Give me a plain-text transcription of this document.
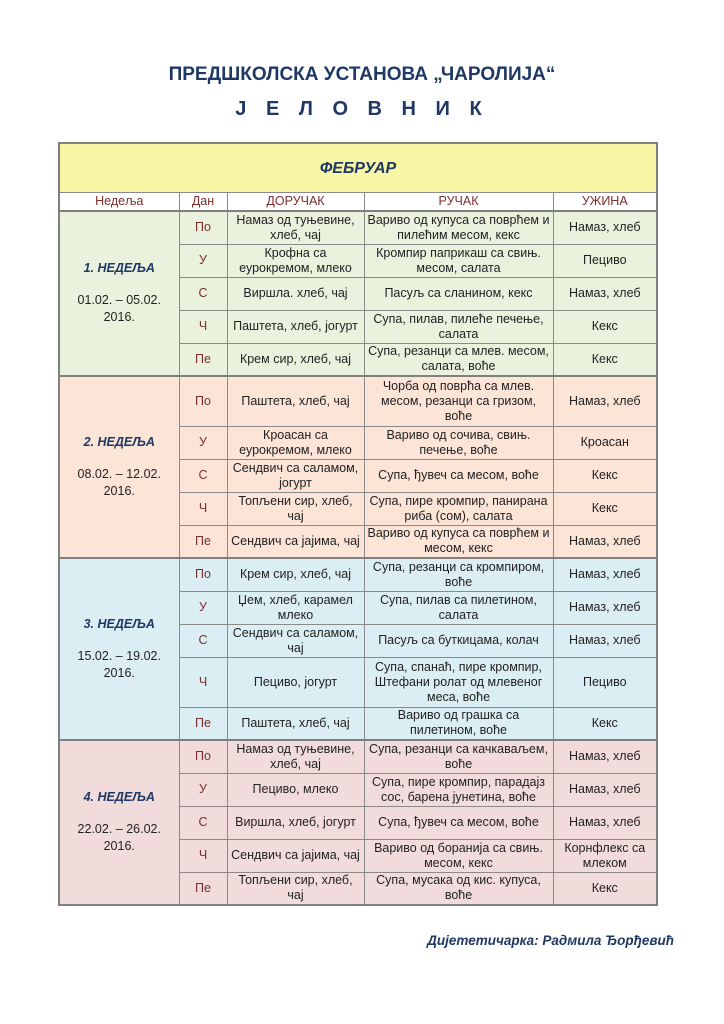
ПРЕДШКОЛСКА УСТАНОВА „ЧАРОЛИЈА“
Ј Е Л О В Н И К
ФЕБРУАР				
Недеља	Дан	ДОРУЧАК	РУЧАК	УЖИНА

1. НЕДЕЉА
01.02. – 05.02.
2016.	По	Намаз од туњевине, хлеб, чај	Вариво од купуса са поврћем и пилећим месом, кекс	Намаз, хлеб
	У	Крофна са еурокремом, млеко	Кромпир паприкаш са свињ. месом, салата	Пециво
	С	Виршла. хлеб, чај	Пасуљ са сланином, кекс	Намаз, хлеб
	Ч	Паштета, хлеб, јогурт	Супа, пилав, пилеће печење, салата	Кекс
	Пе	Крем сир, хлеб, чај	Супа, резанци са млев. месом, салата, воће	Кекс

2. НЕДЕЉА
08.02. – 12.02.
2016.	По	Паштета, хлеб, чај	Чорба од поврћа са млев. месом, резанци са гризом, воће	Намаз, хлеб
	У	Кроасан са еурокремом, млеко	Вариво од сочива, свињ. печење, воће	Кроасан
	С	Сендвич са саламом, јогурт	Супа, ђувеч са месом, воће	Кекс
	Ч	Топљени сир, хлеб, чај	Супа, пире кромпир, панирана риба (сом), салата	Кекс
	Пе	Сендвич са јајима, чај	Вариво од купуса са поврћем и месом, кекс	Намаз, хлеб

3. НЕДЕЉА
15.02. – 19.02.
2016.	По	Крем сир, хлеб, чај	Супа, резанци са кромпиром, воће	Намаз, хлеб
	У	Џем, хлеб, карамел млеко	Супа, пилав са пилетином, салата	Намаз, хлеб
	С	Сендвич са саламом, чај	Пасуљ са буткицама, колач	Намаз, хлеб
	Ч	Пециво, јогурт	Супа, спанаћ, пире кромпир, Штефани ролат од млевеног меса, воће	Пециво
	Пе	Паштета, хлеб, чај	Вариво од грашка са пилетином, воће	Кекс

4. НЕДЕЉА
22.02. – 26.02.
2016.	По	Намаз од туњевине, хлеб, чај	Супа, резанци са качкаваљем, воће	Намаз, хлеб
	У	Пециво, млеко	Супа, пире кромпир, парадајз сос, барена јунетина, воће	Намаз, хлеб
	С	Виршла, хлеб, јогурт	Супа, ђувеч са месом, воће	Намаз, хлеб
	Ч	Сендвич са јајима, чај	Вариво од боранија са свињ. месом, кекс	Корнфлекс са млеком
	Пе	Топљени сир, хлеб, чај	Супа, мусака од кис. купуса, воће	Кекс
Дијететичарка: Радмила Ђорђевић
